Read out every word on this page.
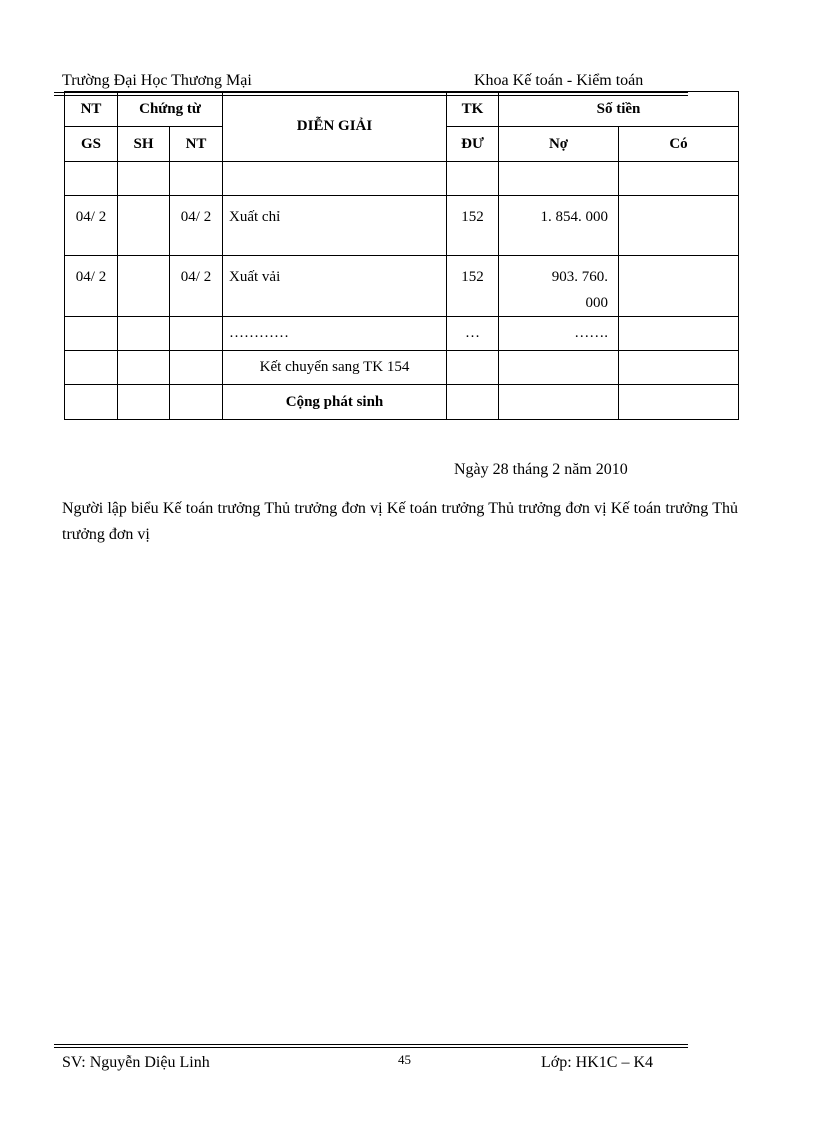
Trường Đại Học Thương Mại	Khoa Kế toán - Kiểm toán
NT	Chứng từ		DIỄN GIẢI	TK	Số tiền	
GS	SH	NT		ĐƯ	Nợ	Có

04/ 2		04/ 2	Xuất chỉ	152	1. 854. 000	
04/ 2		04/ 2	Xuất vải	152	903. 760. 000	
			…………	…	…….	
			Kết chuyển sang TK 154			
			Cộng phát sinh			
Ngày 28 tháng 2 năm 2010
Người lập biểu Kế toán trưởng Thủ trưởng đơn vị Kế toán trưởng Thủ trưởng đơn vị Kế toán trưởng Thủ trưởng đơn vị
SV: Nguyễn Diệu Linh	45	Lớp: HK1C – K4
